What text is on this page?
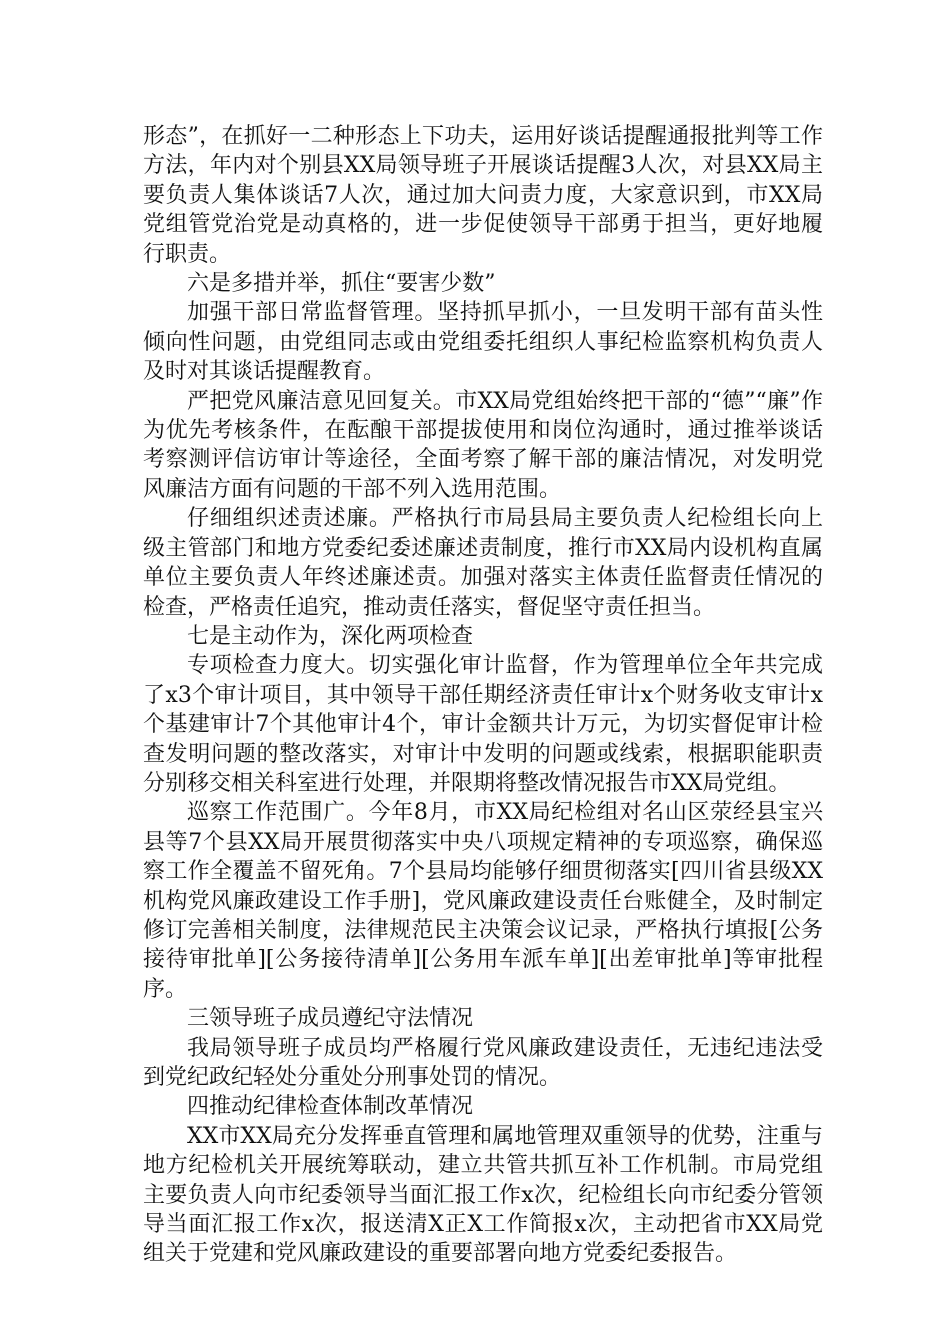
形态”，在抓好一二种形态上下功夫，运用好谈话提醒通报批判等工作方法，年内对个别县XX局领导班子开展谈话提醒3人次，对县XX局主要负责人集体谈话7人次，通过加大问责力度，大家意识到，市XX局党组管党治党是动真格的，进一步促使领导干部勇于担当，更好地履行职责。

六是多措并举，抓住“要害少数”

加强干部日常监督管理。坚持抓早抓小，一旦发明干部有苗头性倾向性问题，由党组同志或由党组委托组织人事纪检监察机构负责人及时对其谈话提醒教育。

严把党风廉洁意见回复关。市XX局党组始终把干部的“德”“廉”作为优先考核条件，在酝酿干部提拔使用和岗位沟通时，通过推举谈话考察测评信访审计等途径，全面考察了解干部的廉洁情况，对发明党风廉洁方面有问题的干部不列入选用范围。

仔细组织述责述廉。严格执行市局县局主要负责人纪检组长向上级主管部门和地方党委纪委述廉述责制度，推行市XX局内设机构直属单位主要负责人年终述廉述责。加强对落实主体责任监督责任情况的检查，严格责任追究，推动责任落实，督促坚守责任担当。

七是主动作为，深化两项检查

专项检查力度大。切实强化审计监督，作为管理单位全年共完成了x3个审计项目，其中领导干部任期经济责任审计x个财务收支审计x个基建审计7个其他审计4个，审计金额共计万元，为切实督促审计检查发明问题的整改落实，对审计中发明的问题或线索，根据职能职责分别移交相关科室进行处理，并限期将整改情况报告市XX局党组。

巡察工作范围广。今年8月，市XX局纪检组对名山区荥经县宝兴县等7个县XX局开展贯彻落实中央八项规定精神的专项巡察，确保巡察工作全覆盖不留死角。7个县局均能够仔细贯彻落实[四川省县级XX机构党风廉政建设工作手册]，党风廉政建设责任台账健全，及时制定修订完善相关制度，法律规范民主决策会议记录，严格执行填报[公务接待审批单][公务接待清单][公务用车派车单][出差审批单]等审批程序。

三领导班子成员遵纪守法情况

我局领导班子成员均严格履行党风廉政建设责任，无违纪违法受到党纪政纪轻处分重处分刑事处罚的情况。

四推动纪律检查体制改革情况

XX市XX局充分发挥垂直管理和属地管理双重领导的优势，注重与地方纪检机关开展统筹联动，建立共管共抓互补工作机制。市局党组主要负责人向市纪委领导当面汇报工作x次，纪检组长向市纪委分管领导当面汇报工作x次，报送清X正X工作简报x次，主动把省市XX局党组关于党建和党风廉政建设的重要部署向地方党委纪委报告。
